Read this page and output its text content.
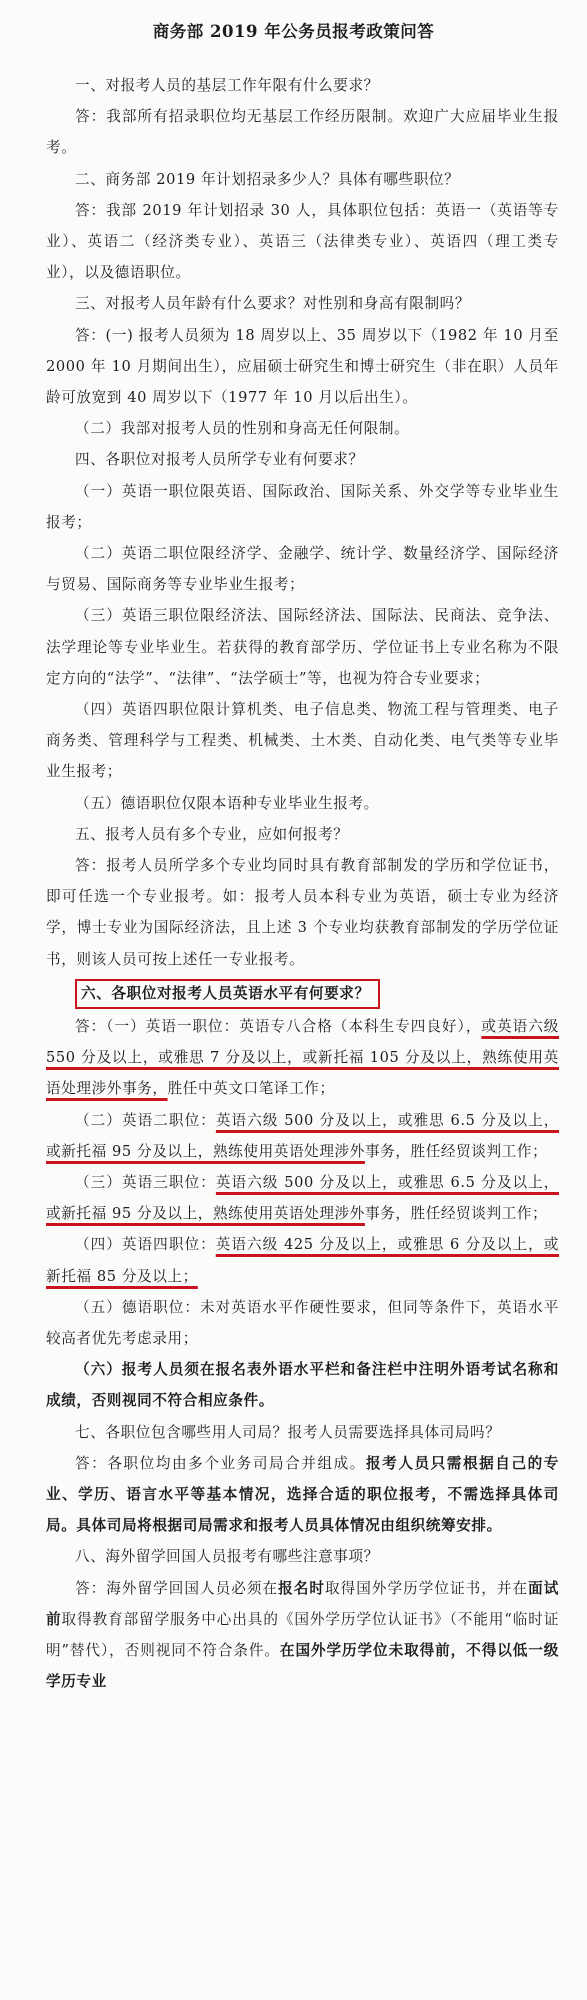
商务部 2019 年公务员报考政策问答

一、对报考人员的基层工作年限有什么要求？

答：我部所有招录职位均无基层工作经历限制。欢迎广大应届毕业生报考。

二、商务部 2019 年计划招录多少人？具体有哪些职位？

答：我部 2019 年计划招录 30 人，具体职位包括：英语一（英语等专业）、英语二（经济类专业）、英语三（法律类专业）、英语四（理工类专业），以及德语职位。

三、对报考人员年龄有什么要求？对性别和身高有限制吗？

答：(一) 报考人员须为 18 周岁以上、35 周岁以下（1982 年 10 月至 2000 年 10 月期间出生），应届硕士研究生和博士研究生（非在职）人员年龄可放宽到 40 周岁以下（1977 年 10 月以后出生）。

（二）我部对报考人员的性别和身高无任何限制。

四、各职位对报考人员所学专业有何要求？

（一）英语一职位限英语、国际政治、国际关系、外交学等专业毕业生报考；

（二）英语二职位限经济学、金融学、统计学、数量经济学、国际经济与贸易、国际商务等专业毕业生报考；

（三）英语三职位限经济法、国际经济法、国际法、民商法、竞争法、法学理论等专业毕业生。若获得的教育部学历、学位证书上专业名称为不限定方向的“法学”、“法律”、“法学硕士”等，也视为符合专业要求；

（四）英语四职位限计算机类、电子信息类、物流工程与管理类、电子商务类、管理科学与工程类、机械类、土木类、自动化类、电气类等专业毕业生报考；

（五）德语职位仅限本语种专业毕业生报考。

五、报考人员有多个专业，应如何报考？

答：报考人员所学多个专业均同时具有教育部制发的学历和学位证书，即可任选一个专业报考。如：报考人员本科专业为英语，硕士专业为经济学，博士专业为国际经济法，且上述 3 个专业均获教育部制发的学历学位证书，则该人员可按上述任一专业报考。

六、各职位对报考人员英语水平有何要求？

答：（一）英语一职位：英语专八合格（本科生专四良好），或英语六级 550 分及以上，或雅思 7 分及以上，或新托福 105 分及以上，熟练使用英语处理涉外事务，胜任中英文口笔译工作；

（二）英语二职位：英语六级 500 分及以上，或雅思 6.5 分及以上，或新托福 95 分及以上，熟练使用英语处理涉外事务，胜任经贸谈判工作；

（三）英语三职位：英语六级 500 分及以上，或雅思 6.5 分及以上，或新托福 95 分及以上，熟练使用英语处理涉外事务，胜任经贸谈判工作；

（四）英语四职位：英语六级 425 分及以上，或雅思 6 分及以上，或新托福 85 分及以上；

（五）德语职位：未对英语水平作硬性要求，但同等条件下，英语水平较高者优先考虑录用；

（六）报考人员须在报名表外语水平栏和备注栏中注明外语考试名称和成绩，否则视同不符合相应条件。

七、各职位包含哪些用人司局？报考人员需要选择具体司局吗？

答：各职位均由多个业务司局合并组成。报考人员只需根据自己的专业、学历、语言水平等基本情况，选择合适的职位报考，不需选择具体司局。具体司局将根据司局需求和报考人员具体情况由组织统筹安排。

八、海外留学回国人员报考有哪些注意事项？

答：海外留学回国人员必须在报名时取得国外学历学位证书，并在面试前取得教育部留学服务中心出具的《国外学历学位认证书》（不能用“临时证明”替代），否则视同不符合条件。在国外学历学位未取得前，不得以低一级学历专业
